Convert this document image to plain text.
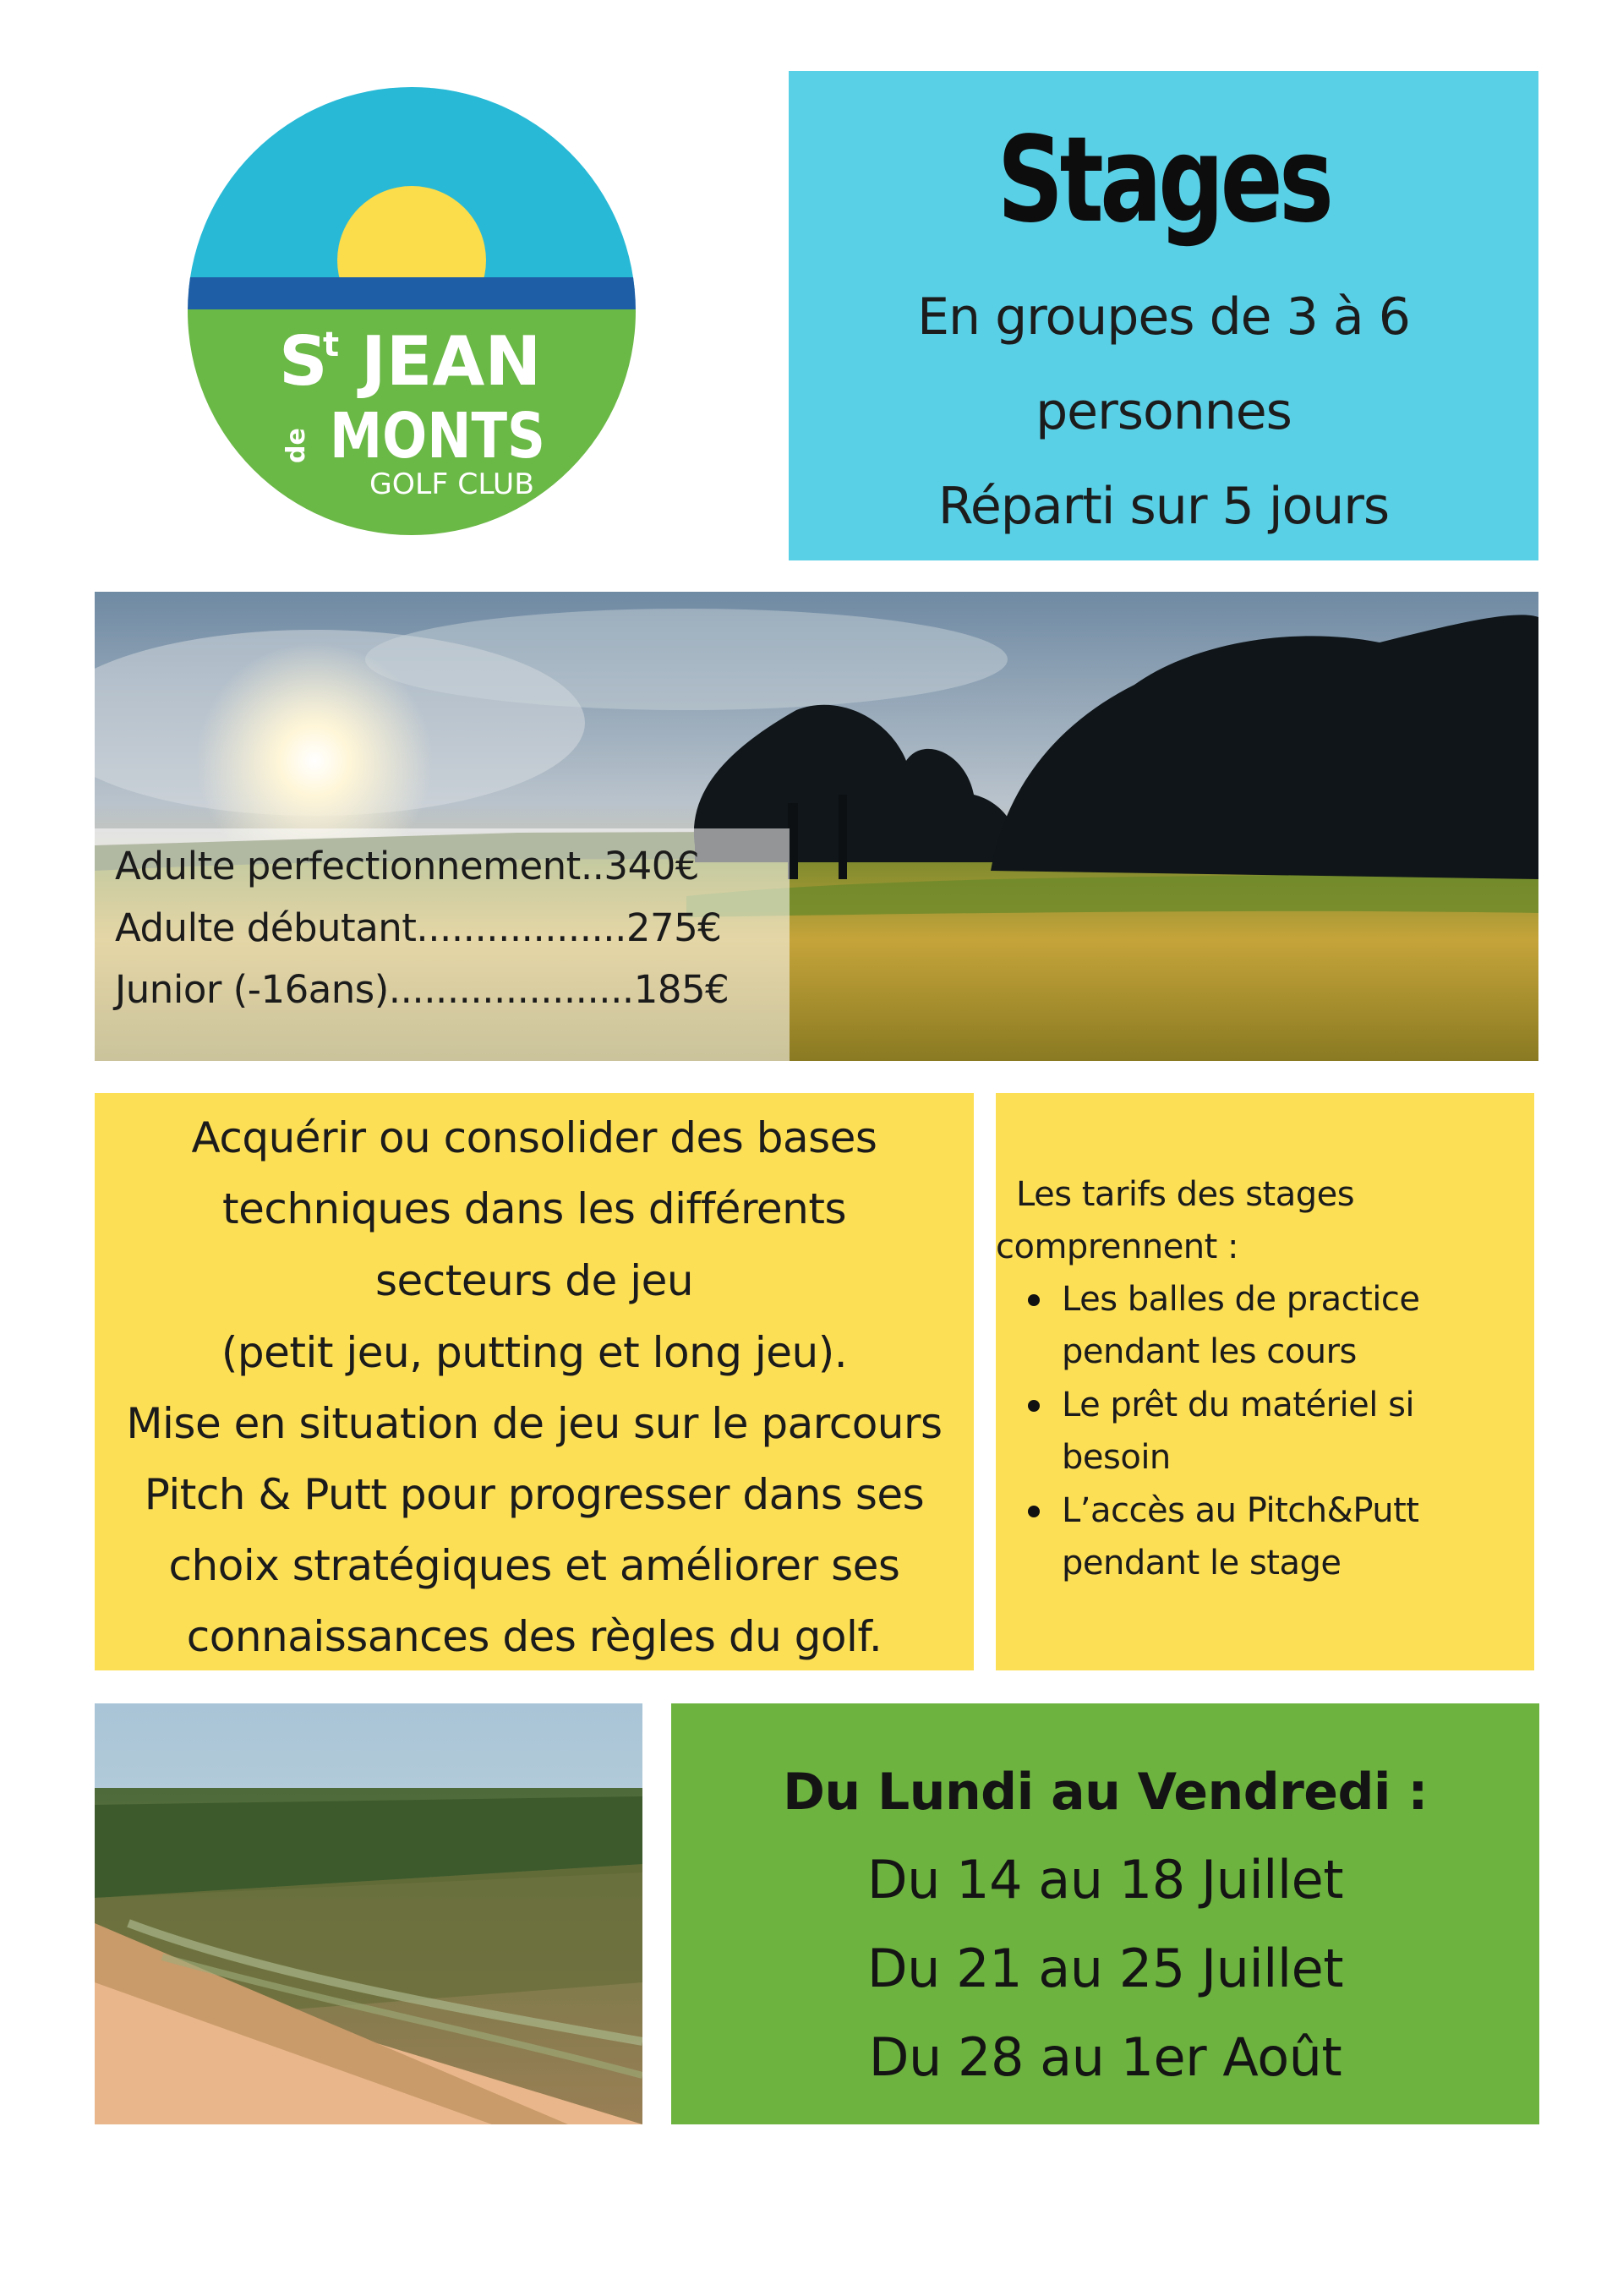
S
t JEAN
de MONTS
GOLF CLUB
Stages
En groupes de 3 à 6
personnes
Réparti sur 5 jours
Adulte perfectionnement..340€
Adulte débutant..................275€
Junior (-16ans).....................185€
Acquérir ou consolider des bases
techniques dans les différents
secteurs de jeu
(petit jeu, putting et long jeu).
Mise en situation de jeu sur le parcours
Pitch & Putt pour progresser dans ses
choix stratégiques et améliorer ses
connaissances des règles du golf.
Les tarifs des stages
comprennent :
Les balles de practice
pendant les cours
Le prêt du matériel si
besoin
L’accès au Pitch&Putt
pendant le stage
Du Lundi au Vendredi :
Du 14 au 18 Juillet
Du 21 au 25 Juillet
Du 28 au 1er Août
